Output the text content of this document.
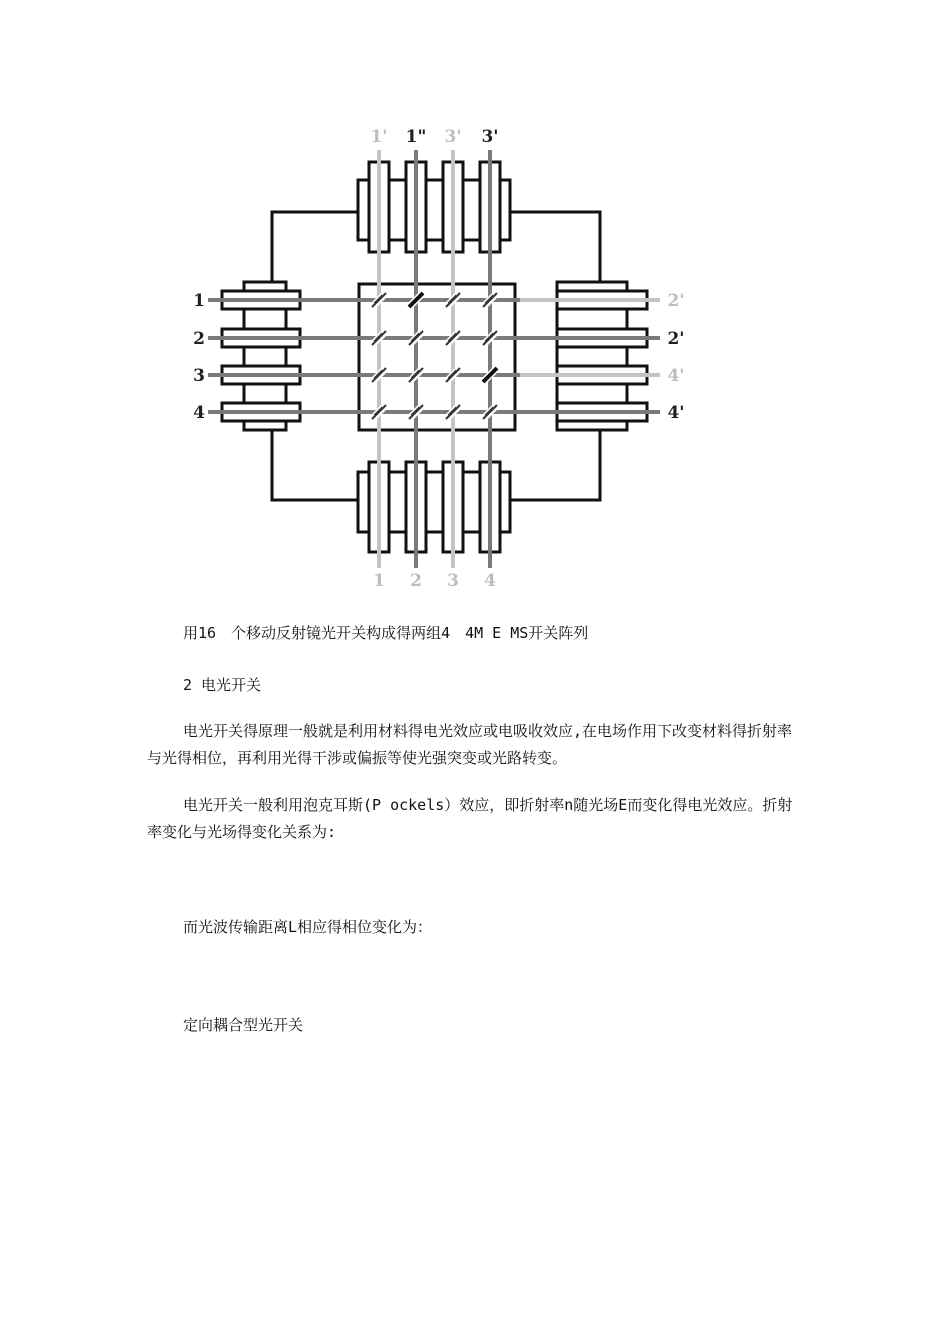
1' 1" 3' 3'
1
2
3
4
2'
2'
4'
4'
1 2 3 4
用16　个移动反射镜光开关构成得两组4　4M E MS开关阵列
2 电光开关
电光开关得原理一般就是利用材料得电光效应或电吸收效应,在电场作用下改变材料得折射率与光得相位，再利用光得干涉或偏振等使光强突变或光路转变。
电光开关一般利用泡克耳斯(P ockels）效应，即折射率n随光场E而变化得电光效应。折射率变化与光场得变化关系为:
而光波传输距离L相应得相位变化为：
定向耦合型光开关
